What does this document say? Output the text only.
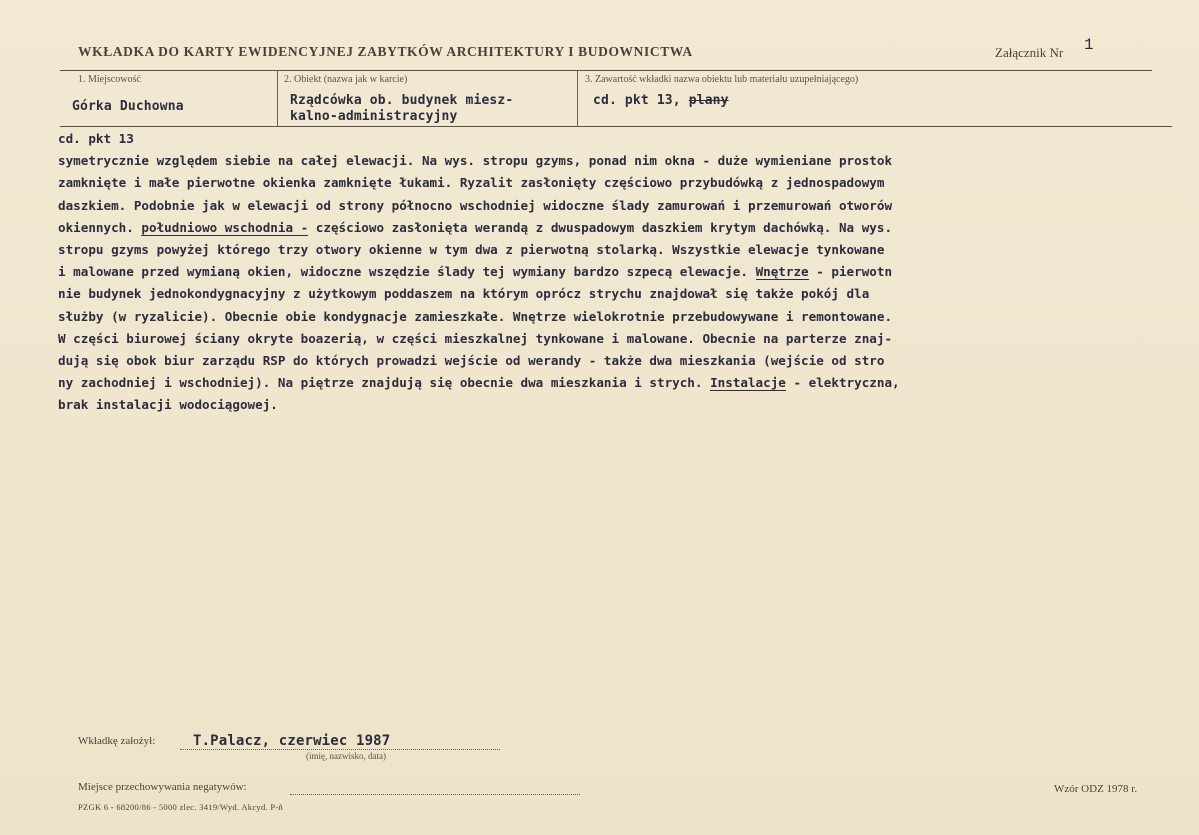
WKŁADKA DO KARTY EWIDENCYJNEJ ZABYTKÓW ARCHITEKTURY I BUDOWNICTWA	Załącznik Nr 1
1. Miejscowość
Górka Duchowna
2. Obiekt (nazwa jak w karcie)
Rządcówka ob. budynek miesz-
kalno-administracyjny
3. Zawartość wkładki nazwa obiektu lub materiału uzupełniającego)
cd. pkt 13, plany
cd. pkt 13
symetrycznie względem siebie na całej elewacji. Na wys. stropu gzyms, ponad nim okna - duże wymieniane prostok
zamknięte i małe pierwotne okienka zamknięte łukami. Ryzalit zasłonięty częściowo przybudówką z jednospadowym
daszkiem. Podobnie jak w elewacji od strony północno wschodniej widoczne ślady zamurowań i przemurowań otworów
okiennych. południowo wschodnia - częściowo zasłonięta werandą z dwuspadowym daszkiem krytym dachówką. Na wys.
stropu gzyms powyżej którego trzy otwory okienne w tym dwa z pierwotną stolarką. Wszystkie elewacje tynkowane
i malowane przed wymianą okien, widoczne wszędzie ślady tej wymiany bardzo szpecą elewacje. Wnętrze - pierwotn
nie budynek jednokondygnacyjny z użytkowym poddaszem na którym oprócz strychu znajdował się także pokój dla
służby (w ryzalicie). Obecnie obie kondygnacje zamieszkałe. Wnętrze wielokrotnie przebudowywane i remontowane.
W części biurowej ściany okryte boazerią, w części mieszkalnej tynkowane i malowane. Obecnie na parterze znaj-
dują się obok biur zarządu RSP do których prowadzi wejście od werandy - także dwa mieszkania (wejście od stro
ny zachodniej i wschodniej). Na piętrze znajdują się obecnie dwa mieszkania i strych. Instalacje - elektryczna,
brak instalacji wodociągowej.
Wkładkę założył:	T.Palacz, czerwiec 1987
(imię, nazwisko, data)
Miejsce przechowywania negatywów:	Wzór ODZ 1978 r.
PZGK 6 - 68200/86 - 5000 zlec. 3419/Wyd. Akcyd. P-ñ
